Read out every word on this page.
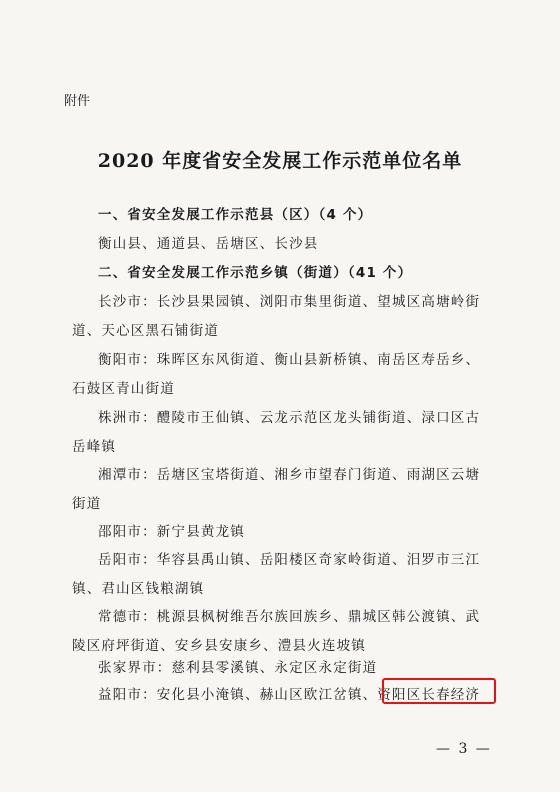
附件
2020 年度省安全发展工作示范单位名单
一、省安全发展工作示范县（区）（4 个）
衡山县、通道县、岳塘区、长沙县
二、省安全发展工作示范乡镇（街道）（41 个）
长沙市：长沙县果园镇、浏阳市集里街道、望城区高塘岭街
道、天心区黑石铺街道
衡阳市：珠晖区东风街道、衡山县新桥镇、南岳区寿岳乡、
石鼓区青山街道
株洲市：醴陵市王仙镇、云龙示范区龙头铺街道、渌口区古
岳峰镇
湘潭市：岳塘区宝塔街道、湘乡市望春门街道、雨湖区云塘
街道
邵阳市：新宁县黄龙镇
岳阳市：华容县禹山镇、岳阳楼区奇家岭街道、汨罗市三江
镇、君山区钱粮湖镇
常德市：桃源县枫树维吾尔族回族乡、鼎城区韩公渡镇、武
陵区府坪街道、安乡县安康乡、澧县火连坡镇
张家界市：慈利县零溪镇、永定区永定街道
益阳市：安化县小淹镇、赫山区欧江岔镇、资阳区长春经济
— 3 —
